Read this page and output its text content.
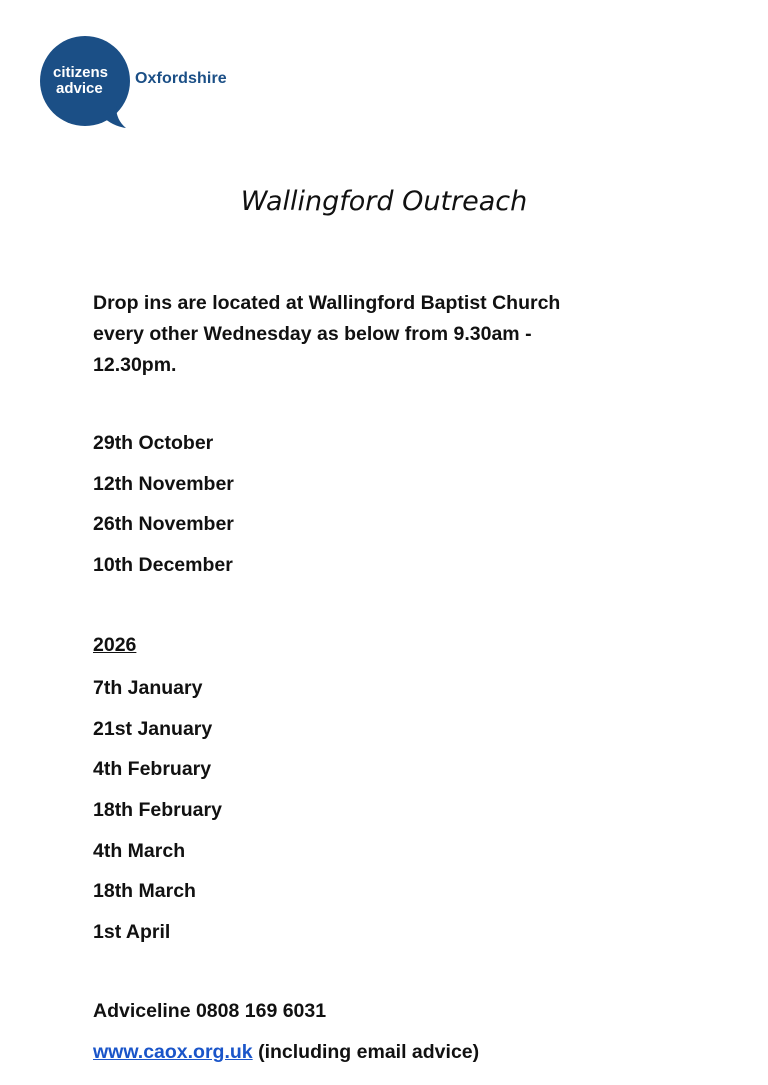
citizens
advice
Oxfordshire
Wallingford Outreach
Drop ins are located at Wallingford Baptist Church
every other Wednesday as below from 9.30am -
12.30pm.
29th October
12th November
26th November
10th December
2026
7th January
21st January
4th February
18th February
4th March
18th March
1st April
Adviceline 0808 169 6031
www.caox.org.uk (including email advice)
